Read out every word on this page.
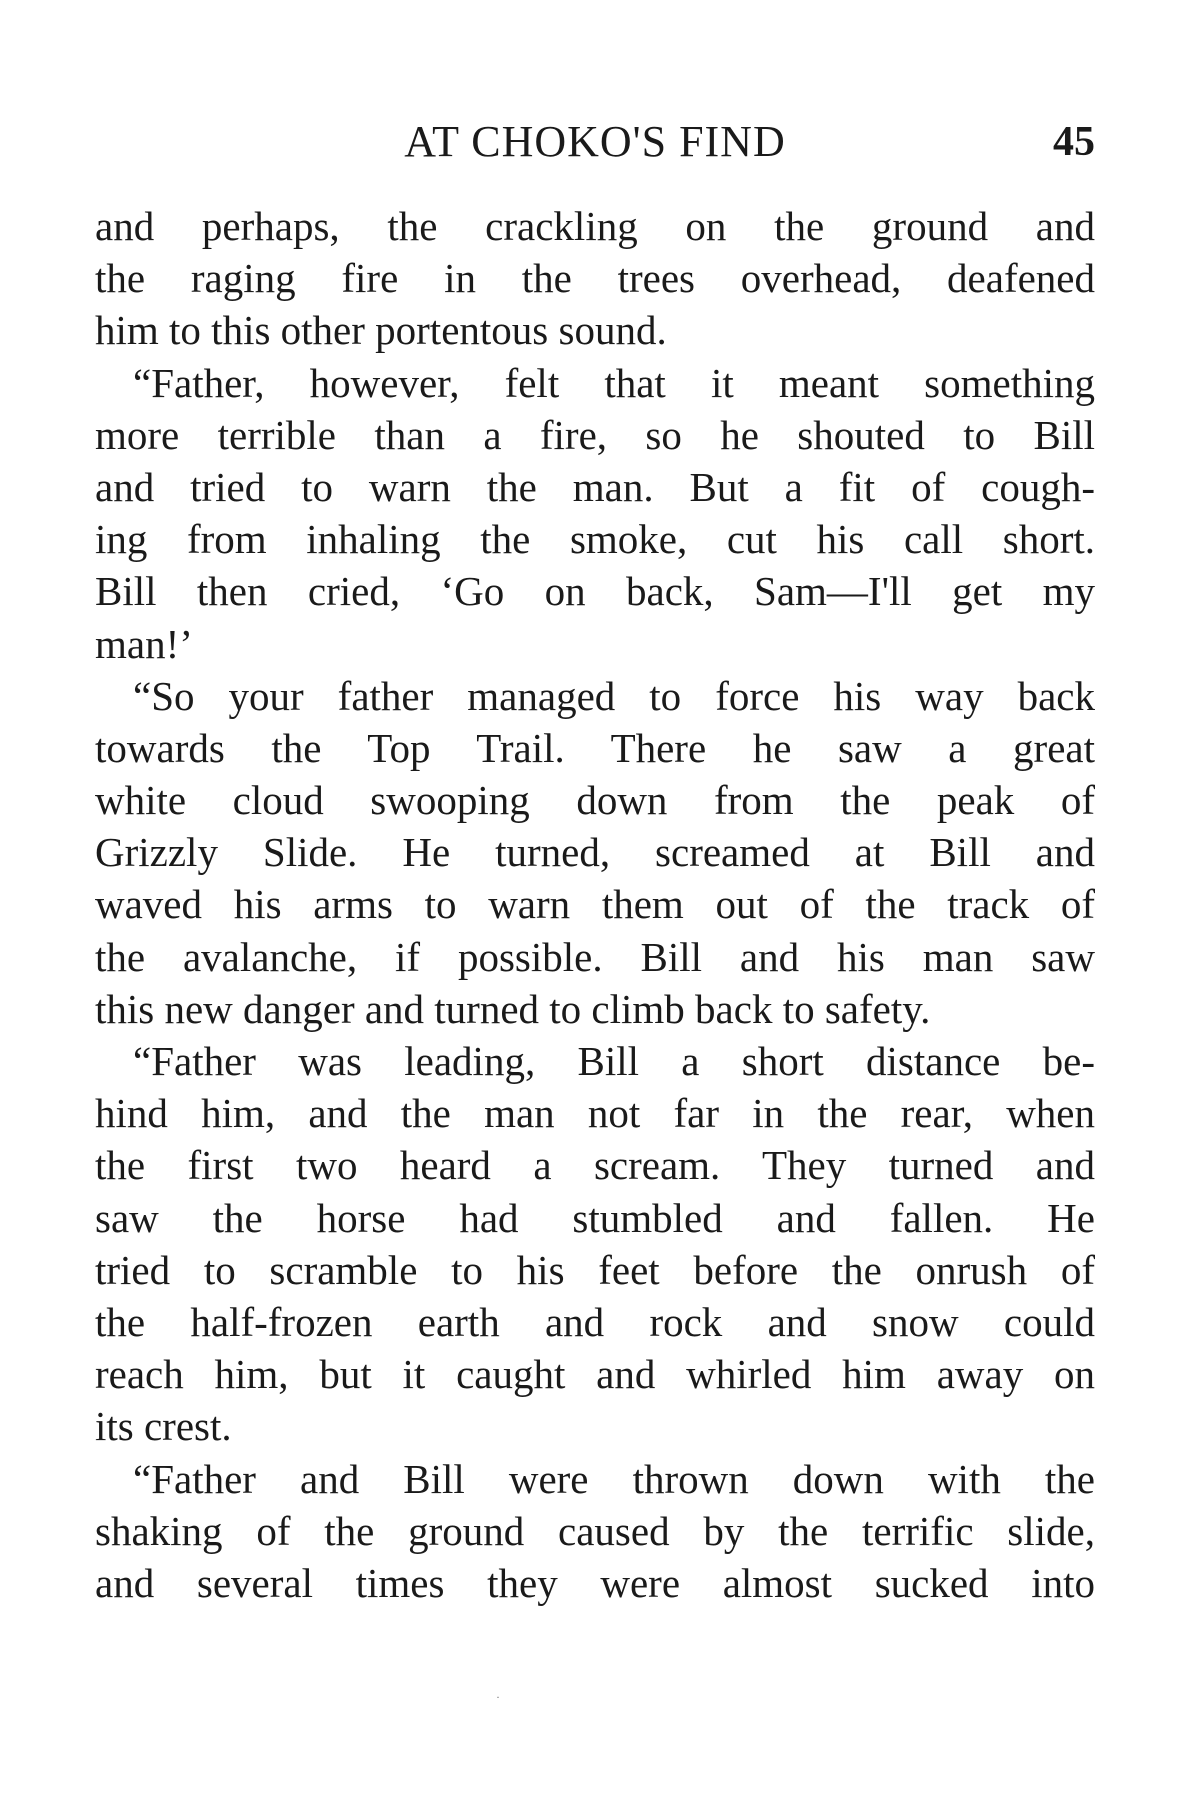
AT CHOKO'S FIND	45
and perhaps, the crackling on the ground and
the raging fire in the trees overhead, deafened
him to this other portentous sound.
“Father, however, felt that it meant something
more terrible than a fire, so he shouted to Bill
and tried to warn the man. But a fit of cough-
ing from inhaling the smoke, cut his call short.
Bill then cried, ‘Go on back, Sam—I'll get my
man!’
“So your father managed to force his way back
towards the Top Trail. There he saw a great
white cloud swooping down from the peak of
Grizzly Slide. He turned, screamed at Bill and
waved his arms to warn them out of the track of
the avalanche, if possible. Bill and his man saw
this new danger and turned to climb back to safety.
“Father was leading, Bill a short distance be-
hind him, and the man not far in the rear, when
the first two heard a scream. They turned and
saw the horse had stumbled and fallen. He
tried to scramble to his feet before the onrush of
the half-frozen earth and rock and snow could
reach him, but it caught and whirled him away on
its crest.
“Father and Bill were thrown down with the
shaking of the ground caused by the terrific slide,
and several times they were almost sucked into
·
